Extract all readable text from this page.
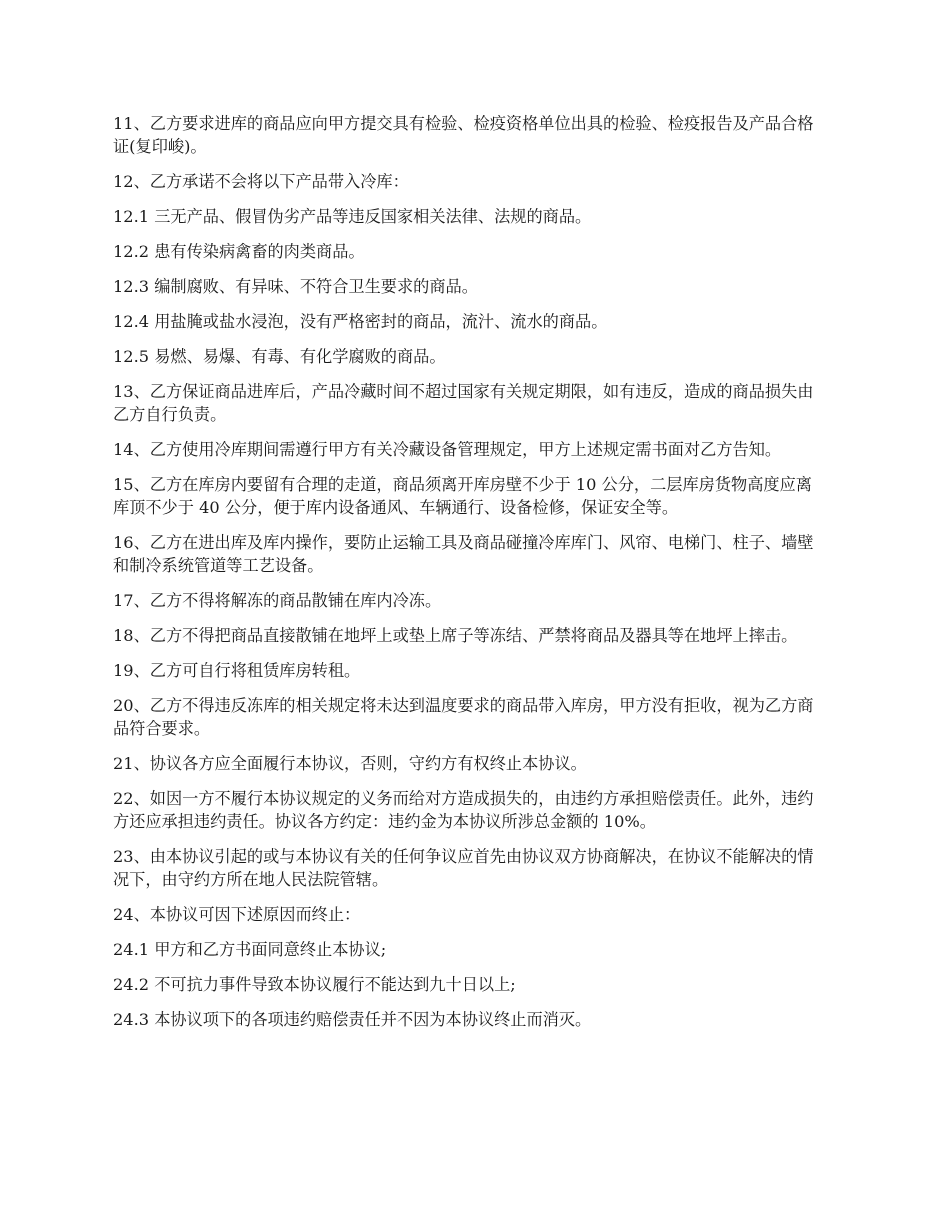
11、乙方要求进库的商品应向甲方提交具有检验、检疫资格单位出具的检验、检疫报告及产品合格证(复印峻)。

12、乙方承诺不会将以下产品带入冷库：

12.1 三无产品、假冒伪劣产品等违反国家相关法律、法规的商品。

12.2 患有传染病禽畜的肉类商品。

12.3 编制腐败、有异味、不符合卫生要求的商品。

12.4 用盐腌或盐水浸泡，没有严格密封的商品，流汁、流水的商品。

12.5 易燃、易爆、有毒、有化学腐败的商品。

13、乙方保证商品进库后，产品冷藏时间不超过国家有关规定期限，如有违反，造成的商品损失由乙方自行负责。

14、乙方使用冷库期间需遵行甲方有关冷藏设备管理规定，甲方上述规定需书面对乙方告知。

15、乙方在库房内要留有合理的走道，商品须离开库房壁不少于 10 公分，二层库房货物高度应离库顶不少于 40 公分，便于库内设备通风、车辆通行、设备检修，保证安全等。

16、乙方在进出库及库内操作，要防止运输工具及商品碰撞冷库库门、风帘、电梯门、柱子、墙壁和制冷系统管道等工艺设备。

17、乙方不得将解冻的商品散铺在库内冷冻。

18、乙方不得把商品直接散铺在地坪上或垫上席子等冻结、严禁将商品及器具等在地坪上摔击。

19、乙方可自行将租赁库房转租。

20、乙方不得违反冻库的相关规定将未达到温度要求的商品带入库房，甲方没有拒收，视为乙方商品符合要求。

21、协议各方应全面履行本协议，否则，守约方有权终止本协议。

22、如因一方不履行本协议规定的义务而给对方造成损失的，由违约方承担赔偿责任。此外，违约方还应承担违约责任。协议各方约定：违约金为本协议所涉总金额的 10%。

23、由本协议引起的或与本协议有关的任何争议应首先由协议双方协商解决，在协议不能解决的情况下，由守约方所在地人民法院管辖。

24、本协议可因下述原因而终止：

24.1 甲方和乙方书面同意终止本协议;

24.2 不可抗力事件导致本协议履行不能达到九十日以上;

24.3 本协议项下的各项违约赔偿责任并不因为本协议终止而消灭。
